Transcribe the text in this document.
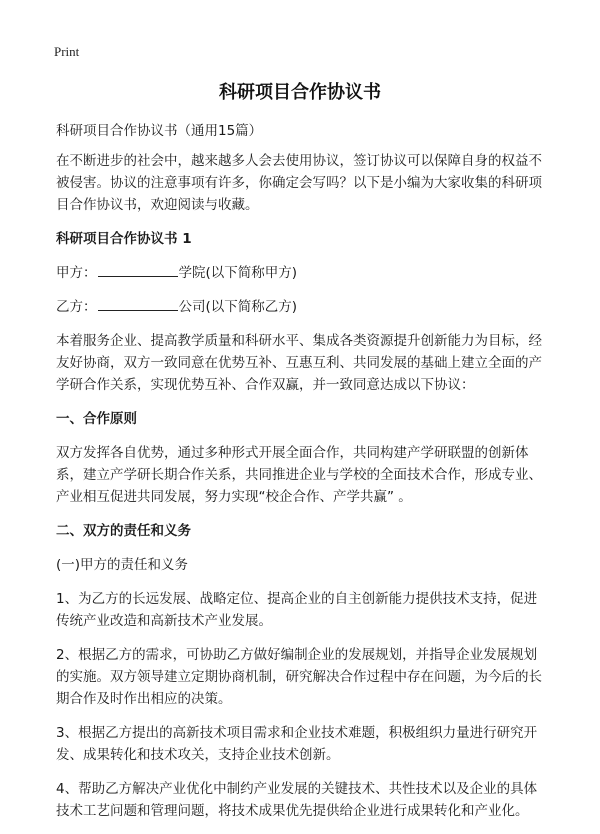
Print
科研项目合作协议书

科研项目合作协议书（通用15篇）

在不断进步的社会中，越来越多人会去使用协议，签订协议可以保障自身的权益不被侵害。协议的注意事项有许多，你确定会写吗？以下是小编为大家收集的科研项目合作协议书，欢迎阅读与收藏。

科研项目合作协议书 1

甲方：	学院(以下简称甲方)

乙方：	公司(以下简称乙方)

本着服务企业、提高教学质量和科研水平、集成各类资源提升创新能力为目标，经友好协商，双方一致同意在优势互补、互惠互利、共同发展的基础上建立全面的产学研合作关系，实现优势互补、合作双赢，并一致同意达成以下协议：

一、合作原则

双方发挥各自优势，通过多种形式开展全面合作，共同构建产学研联盟的创新体系，建立产学研长期合作关系，共同推进企业与学校的全面技术合作，形成专业、产业相互促进共同发展，努力实现“校企合作、产学共赢” 。

二、双方的责任和义务

(一)甲方的责任和义务

1、为乙方的长远发展、战略定位、提高企业的自主创新能力提供技术支持，促进传统产业改造和高新技术产业发展。

2、根据乙方的需求，可协助乙方做好编制企业的发展规划，并指导企业发展规划的实施。双方领导建立定期协商机制，研究解决合作过程中存在问题，为今后的长期合作及时作出相应的决策。

3、根据乙方提出的高新技术项目需求和企业技术难题，积极组织力量进行研究开发、成果转化和技术攻关，支持企业技术创新。

4、帮助乙方解决产业优化中制约产业发展的关键技术、共性技术以及企业的具体技术工艺问题和管理问题，将技术成果优先提供给企业进行成果转化和产业化。
